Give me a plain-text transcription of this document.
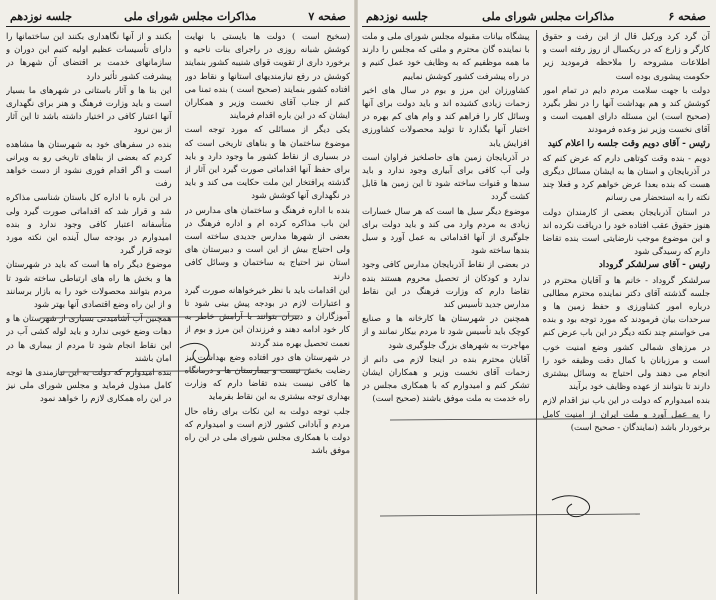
صفحه ۷
مذاکرات مجلس شورای ملی
جلسه نوزدهم

(سخیح است ) دولت ها بایستی با نهایت کوشش شبانه روزی در راجرای بنات ناحیه و برخورد داری از تقویت قوای شنیبه کشور بنمایند کوشش در رفع نیازمندیهای استانها و نقاط دور افتاده کشور بنمایند (صحیح است ) بنده تمنا می کنم از جناب آقای نخست وزیر و همکاران ایشان که در این باره اقدام فرمایند

یکی دیگر از مسائلی که مورد توجه است موضوع ساختمان ها و بناهای تاریخی است که در بسیاری از نقاط کشور ما وجود دارد و باید برای حفظ آنها اقداماتی صورت گیرد این آثار از گذشته پرافتخار این ملت حکایت می کند و باید در نگهداری آنها کوشش شود

بنده با اداره فرهنگ و ساختمان های مدارس در این باب مذاکره کرده ام و اداره فرهنگ در بعضی از شهرها مدارس جدیدی ساخته است ولی احتیاج بیش از این است و دبیرستان های استان نیز احتیاج به ساختمان و وسائل کافی دارند

این اقدامات باید با نظر خیرخواهانه صورت گیرد و اعتبارات لازم در بودجه پیش بینی شود تا آموزگاران و دبیران بتوانند با آرامش خاطر به کار خود ادامه دهند و فرزندان این مرز و بوم از نعمت تحصیل بهره مند گردند

در شهرستان های دور افتاده وضع بهداشت نیز رضایت بخش نیست و بیمارستان ها و درمانگاه ها کافی نیست بنده تقاضا دارم که وزارت بهداری توجه بیشتری به این نقاط بفرماید

جلب توجه دولت به این نکات برای رفاه حال مردم و آبادانی کشور لازم است و امیدوارم که دولت با همکاری مجلس شورای ملی در این راه موفق باشد

بکنند و از آنها نگاهداری بکنند این ساختمانها را دارای تأسیسات عظیم اولیه کنیم این دوران و سازمانهای خدمت بر اقتضای آن شهرها در پیشرفت کشور تأثیر دارد

این بنا ها و آثار باستانی در شهرهای ما بسیار است و باید وزارت فرهنگ و هنر برای نگهداری آنها اعتبار کافی در اختیار داشته باشد تا این آثار از بین نرود

بنده در سفرهای خود به شهرستان ها مشاهده کردم که بعضی از بناهای تاریخی رو به ویرانی است و اگر اقدام فوری نشود از دست خواهد رفت

در این باره با اداره کل باستان شناسی مذاکره شد و قرار شد که اقداماتی صورت گیرد ولی متأسفانه اعتبار کافی وجود ندارد و بنده امیدوارم در بودجه سال آینده این نکته مورد توجه قرار گیرد

موضوع دیگر راه ها است که باید در شهرستان ها و بخش ها راه های ارتباطی ساخته شود تا مردم بتوانند محصولات خود را به بازار برسانند و از این راه وضع اقتصادی آنها بهتر شود

همچنین آب آشامیدنی بسیاری از شهرستان ها و دهات وضع خوبی ندارد و باید لوله کشی آب در این نقاط انجام شود تا مردم از بیماری ها در امان باشند

بنده امیدوارم که دولت به این نیازمندی ها توجه کامل مبذول فرماید و مجلس شورای ملی نیز در این راه همکاری لازم را خواهد نمود

صفحه ۶
مذاکرات مجلس شورای ملی
جلسه نوزدهم

آن گرد کرد ورکیل قال از این رفت و حقوق کارگر و زارع که در ریکسال از روز رفته است و اطلاعات مشروحه را ملاحظه فرمودید زیر حکومت پیشوری بوده است

دولت با جهت سلامت مردم دایم در تمام امور کوشش کند و هم بهداشت آنها را در نظر بگیرد (صحیح است) این مسئله دارای اهمیت است و آقای نخست وزیر نیز وعده فرمودند

رئیس - آقای دویم وقت جلسه را اعلام کنید

دویم - بنده وقت کوتاهی دارم که عرض کنم که در آذربایجان و استان ها به ایشان مسائل دیگری هست که بنده بعدا عرض خواهم کرد و فعلا چند نکته را به استحضار می رسانم

در استان آذربایجان بعضی از کارمندان دولت هنوز حقوق عقب افتاده خود را دریافت نکرده اند و این موضوع موجب نارضایتی است بنده تقاضا دارم که رسیدگی شود

رئیس - آقای سرلشکر گروداد

سرلشکر گروداد - خانم ها و آقایان محترم در جلسه گذشته آقای دکتر نماینده محترم مطالبی درباره امور کشاورزی و حفظ زمین ها و سرحدات بیان فرمودند که مورد توجه بود و بنده می خواستم چند نکته دیگر در این باب عرض کنم

در مرزهای شمالی کشور وضع امنیت خوب است و مرزبانان با کمال دقت وظیفه خود را انجام می دهند ولی احتیاج به وسائل بیشتری دارند تا بتوانند از عهده وظایف خود برآیند

بنده امیدوارم که دولت در این باب نیز اقدام لازم را به عمل آورد و ملت ایران از امنیت کامل برخوردار باشد (نمایندگان - صحیح است)

پیشگاه بیانات مقبوله مجلس شورای ملی و ملت با نماینده گان محترم و ملتی که مجلس را دارند ما همه موظفیم که به وظایف خود عمل کنیم و در راه پیشرفت کشور کوشش نماییم

کشاورزان این مرز و بوم در سال های اخیر زحمات زیادی کشیده اند و باید دولت برای آنها وسائل کار را فراهم کند و وام های کم بهره در اختیار آنها بگذارد تا تولید محصولات کشاورزی افزایش یابد

در آذربایجان زمین های حاصلخیز فراوان است ولی آب کافی برای آبیاری وجود ندارد و باید سدها و قنوات ساخته شود تا این زمین ها قابل کشت گردد

موضوع دیگر سیل ها است که هر سال خسارات زیادی به مردم وارد می کند و باید دولت برای جلوگیری از آنها اقداماتی به عمل آورد و سیل بندها ساخته شود

در بعضی از نقاط آذربایجان مدارس کافی وجود ندارد و کودکان از تحصیل محروم هستند بنده تقاضا دارم که وزارت فرهنگ در این نقاط مدارس جدید تأسیس کند

همچنین در شهرستان ها کارخانه ها و صنایع کوچک باید تأسیس شود تا مردم بیکار نمانند و از مهاجرت به شهرهای بزرگ جلوگیری شود

آقایان محترم بنده در اینجا لازم می دانم از زحمات آقای نخست وزیر و همکاران ایشان تشکر کنم و امیدوارم که با همکاری مجلس در راه خدمت به ملت موفق باشند (صحیح است)
